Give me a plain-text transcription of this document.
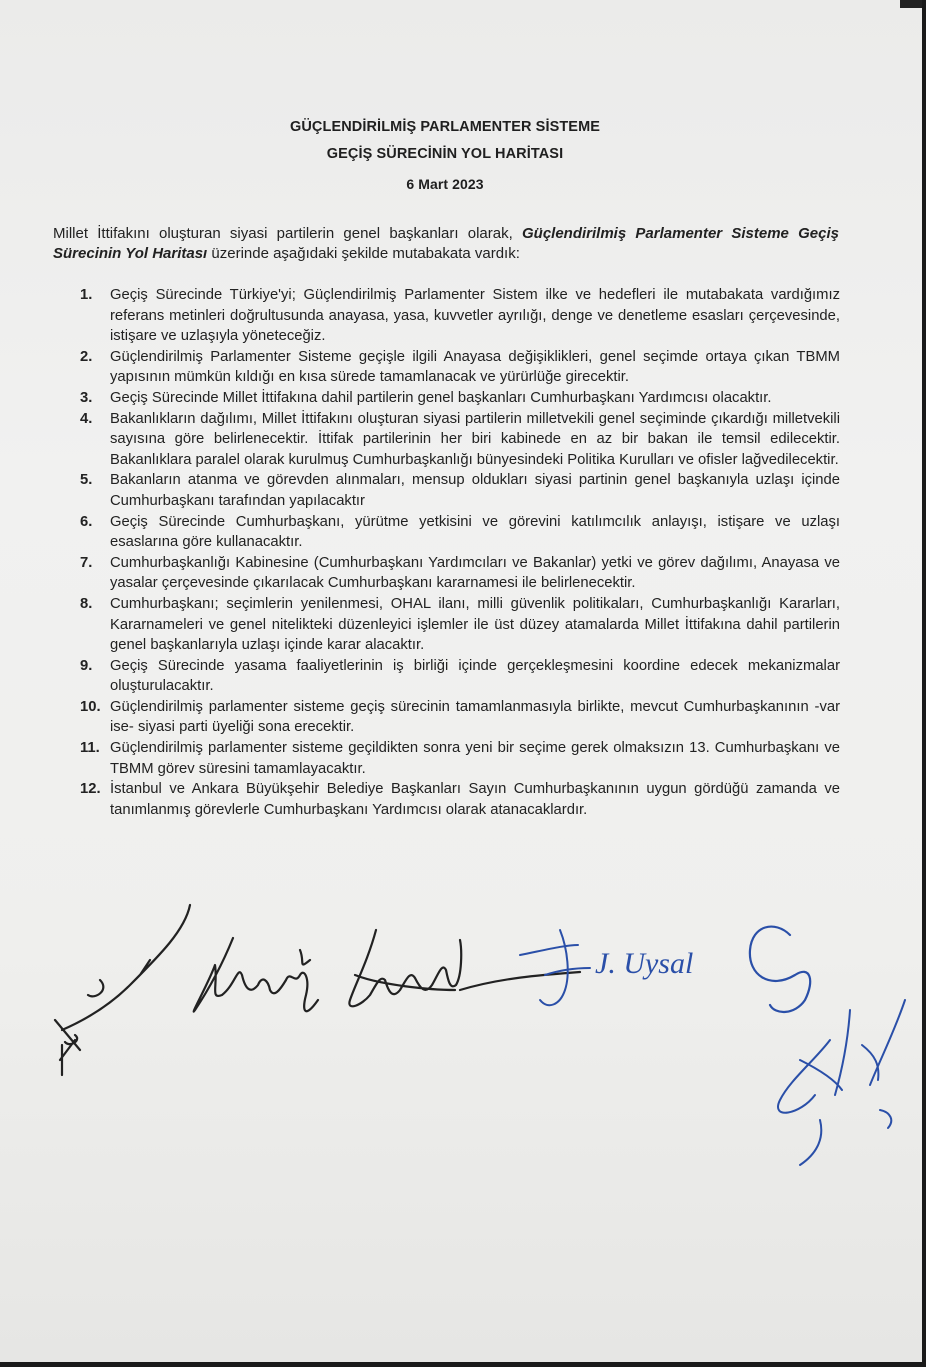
GÜÇLENDİRİLMİŞ PARLAMENTER SİSTEME
GEÇİŞ SÜRECİNİN YOL HARİTASI
6 Mart 2023
Millet İttifakını oluşturan siyasi partilerin genel başkanları olarak, Güçlendirilmiş Parlamenter Sisteme Geçiş Sürecinin Yol Haritası üzerinde aşağıdaki şekilde mutabakata vardık:
1.	Geçiş Sürecinde Türkiye'yi; Güçlendirilmiş Parlamenter Sistem ilke ve hedefleri ile mutabakata vardığımız referans metinleri doğrultusunda anayasa, yasa, kuvvetler ayrılığı, denge ve denetleme esasları çerçevesinde, istişare ve uzlaşıyla yöneteceğiz.
2.	Güçlendirilmiş Parlamenter Sisteme geçişle ilgili Anayasa değişiklikleri, genel seçimde ortaya çıkan TBMM yapısının mümkün kıldığı en kısa sürede tamamlanacak ve yürürlüğe girecektir.
3.	Geçiş Sürecinde Millet İttifakına dahil partilerin genel başkanları Cumhurbaşkanı Yardımcısı olacaktır.
4.	Bakanlıkların dağılımı, Millet İttifakını oluşturan siyasi partilerin milletvekili genel seçiminde çıkardığı milletvekili sayısına göre belirlenecektir. İttifak partilerinin her biri kabinede en az bir bakan ile temsil edilecektir. Bakanlıklara paralel olarak kurulmuş Cumhurbaşkanlığı bünyesindeki Politika Kurulları ve ofisler lağvedilecektir.
5.	Bakanların atanma ve görevden alınmaları, mensup oldukları siyasi partinin genel başkanıyla uzlaşı içinde Cumhurbaşkanı tarafından yapılacaktır
6.	Geçiş Sürecinde Cumhurbaşkanı, yürütme yetkisini ve görevini katılımcılık anlayışı, istişare ve uzlaşı esaslarına göre kullanacaktır.
7.	Cumhurbaşkanlığı Kabinesine (Cumhurbaşkanı Yardımcıları ve Bakanlar) yetki ve görev dağılımı, Anayasa ve yasalar çerçevesinde çıkarılacak Cumhurbaşkanı kararnamesi ile belirlenecektir.
8.	Cumhurbaşkanı; seçimlerin yenilenmesi, OHAL ilanı, milli güvenlik politikaları, Cumhurbaşkanlığı Kararları, Kararnameleri ve genel nitelikteki düzenleyici işlemler ile üst düzey atamalarda Millet İttifakına dahil partilerin genel başkanlarıyla uzlaşı içinde karar alacaktır.
9.	Geçiş Sürecinde yasama faaliyetlerinin iş birliği içinde gerçekleşmesini koordine edecek mekanizmalar oluşturulacaktır.
10. Güçlendirilmiş parlamenter sisteme geçiş sürecinin tamamlanmasıyla birlikte, mevcut Cumhurbaşkanının -var ise- siyasi parti üyeliği sona erecektir.
11. Güçlendirilmiş parlamenter sisteme geçildikten sonra yeni bir seçime gerek olmaksızın 13. Cumhurbaşkanı ve TBMM görev süresini tamamlayacaktır.
12. İstanbul ve Ankara Büyükşehir Belediye Başkanları Sayın Cumhurbaşkanının uygun gördüğü zamanda ve tanımlanmış görevlerle Cumhurbaşkanı Yardımcısı olarak atanacaklardır.
J. Uysal
